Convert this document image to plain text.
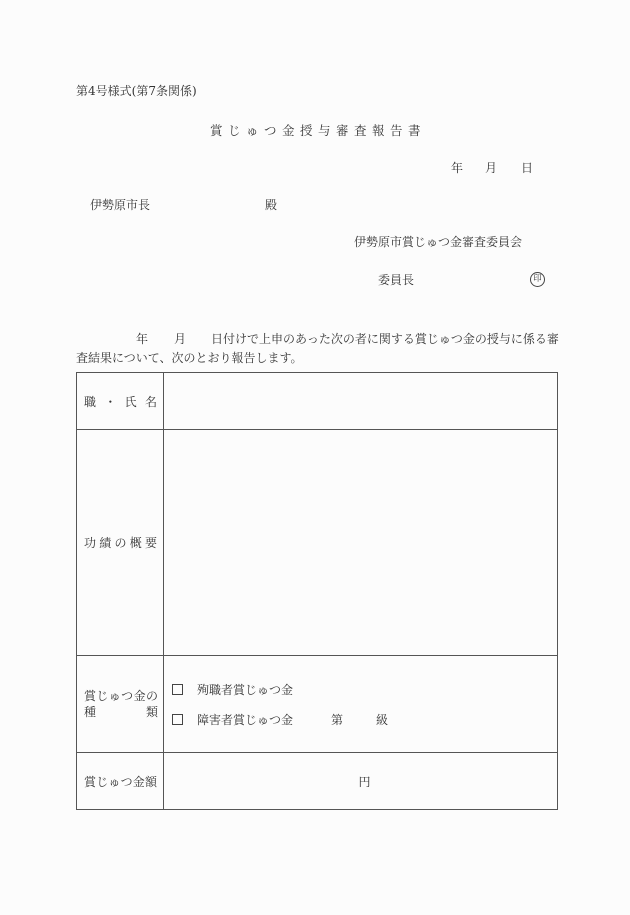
第4号様式(第7条関係)
賞じゅつ金授与審査報告書
年 月 日
伊勢原市長	殿
伊勢原市賞じゅつ金審査委員会
委員長	印
年 月 日付けで上申のあった次の者に関する賞じゅつ金の授与に係る審
査結果について、次のとおり報告します。
職 ・ 氏 名	

功 績 の 概 要	

賞 じ ゅ つ 金 の
種	類

殉職者賞じゅつ金
障害者賞じゅつ金	第	級

賞 じ ゅ つ 金 額	円
